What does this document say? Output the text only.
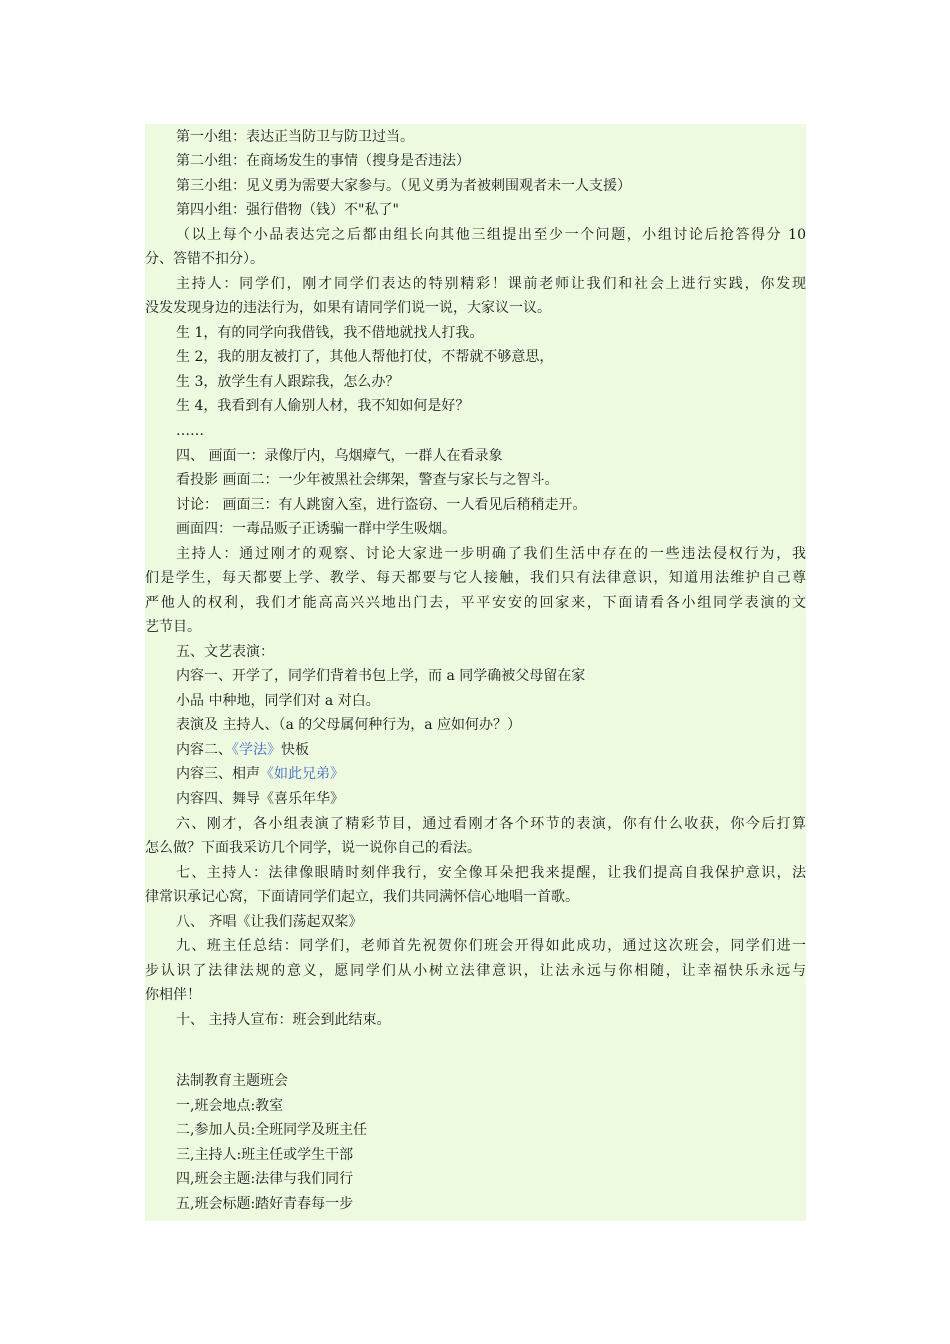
第一小组：表达正当防卫与防卫过当。
第二小组：在商场发生的事情（搜身是否违法）
第三小组：见义勇为需要大家参与。（见义勇为者被刺围观者未一人支援）
第四小组：强行借物（钱）不"私了"
（以上每个小品表达完之后都由组长向其他三组提出至少一个问题，小组讨论后抢答得分 10
分、答错不扣分）。
主持人：同学们，刚才同学们表达的特别精彩！课前老师让我们和社会上进行实践，你发现
没发发现身边的违法行为，如果有请同学们说一说，大家议一议。
生 1，有的同学向我借钱，我不借地就找人打我。
生 2，我的朋友被打了，其他人帮他打仗，不帮就不够意思，
生 3，放学生有人跟踪我，怎么办？
生 4，我看到有人偷别人材，我不知如何是好？
……
四、 画面一：录像厅内，乌烟瘴气，一群人在看录象
看投影 画面二：一少年被黑社会绑架，警查与家长与之智斗。
讨论： 画面三：有人跳窗入室，进行盗窃、一人看见后稍稍走开。
画面四：一毒品贩子正诱骗一群中学生吸烟。
主持人：通过刚才的观察、讨论大家进一步明确了我们生活中存在的一些违法侵权行为，我
们是学生，每天都要上学、教学、每天都要与它人接触，我们只有法律意识，知道用法维护自己尊
严他人的权利，我们才能高高兴兴地出门去，平平安安的回家来，下面请看各小组同学表演的文
艺节目。
五、文艺表演：
内容一、开学了，同学们背着书包上学，而 a 同学确被父母留在家
小品 中种地，同学们对 a 对白。
表演及 主持人、（a 的父母属何种行为，a 应如何办？）
内容二、《学法》快板
内容三、相声《如此兄弟》
内容四、舞导《喜乐年华》
六、刚才，各小组表演了精彩节目，通过看刚才各个环节的表演，你有什么收获，你今后打算
怎么做？下面我采访几个同学，说一说你自己的看法。
七、主持人：法律像眼睛时刻伴我行，安全像耳朵把我来提醒，让我们提高自我保护意识，法
律常识承记心窝，下面请同学们起立，我们共同满怀信心地唱一首歌。
八、 齐唱《让我们荡起双桨》
九、班主任总结：同学们，老师首先祝贺你们班会开得如此成功，通过这次班会，同学们进一
步认识了法律法规的意义，愿同学们从小树立法律意识，让法永远与你相随，让幸福快乐永远与
你相伴！
十、 主持人宣布：班会到此结束。
法制教育主题班会
一,班会地点:教室
二,参加人员:全班同学及班主任
三,主持人:班主任或学生干部
四,班会主题:法律与我们同行
五,班会标题:踏好青春每一步
